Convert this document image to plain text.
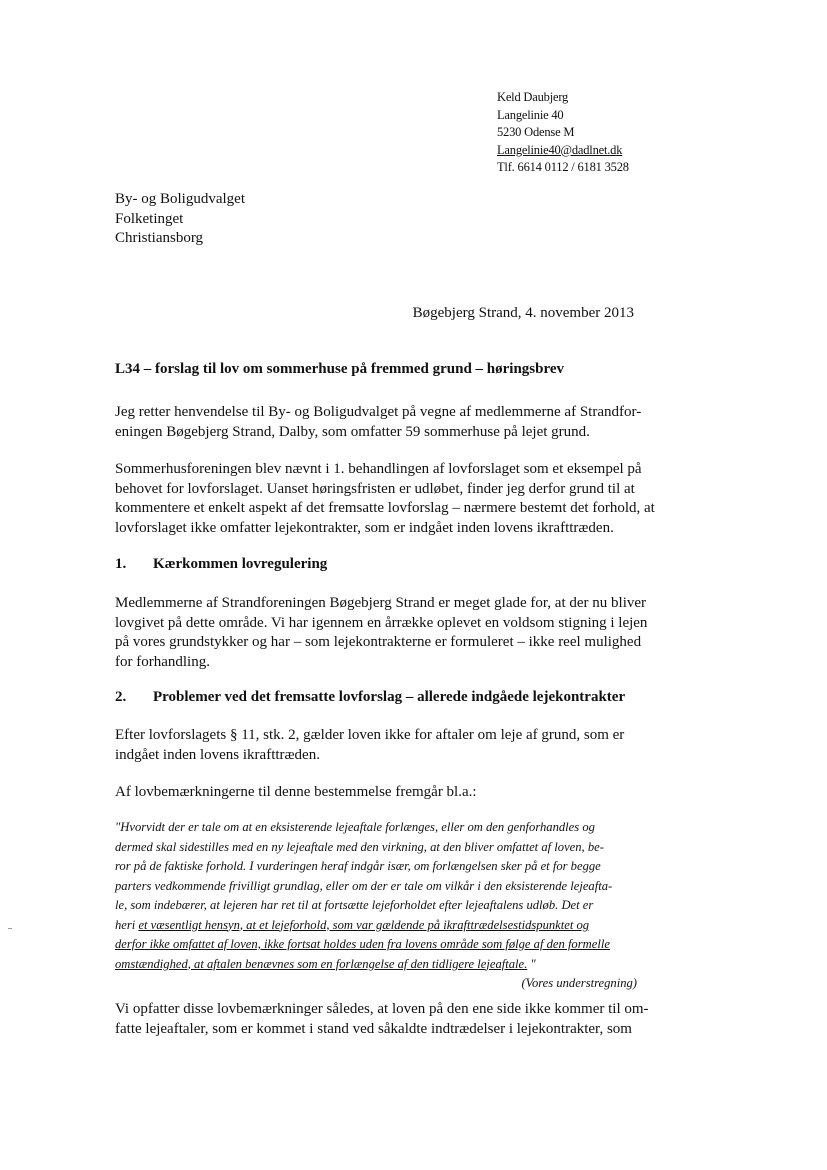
Keld Daubjerg
Langelinie 40
5230 Odense M
Langelinie40@dadlnet.dk
Tlf. 6614 0112 / 6181 3528
By- og Boligudvalget
Folketinget
Christiansborg
Bøgebjerg Strand, 4. november 2013
L34 – forslag til lov om sommerhuse på fremmed grund – høringsbrev
Jeg retter henvendelse til By- og Boligudvalget på vegne af medlemmerne af Strandfor-
eningen Bøgebjerg Strand, Dalby, som omfatter 59 sommerhuse på lejet grund.
Sommerhusforeningen blev nævnt i 1. behandlingen af lovforslaget som et eksempel på
behovet for lovforslaget. Uanset høringsfristen er udløbet, finder jeg derfor grund til at
kommentere et enkelt aspekt af det fremsatte lovforslag – nærmere bestemt det forhold, at
lovforslaget ikke omfatter lejekontrakter, som er indgået inden lovens ikrafttræden.
1. Kærkommen lovregulering
Medlemmerne af Strandforeningen Bøgebjerg Strand er meget glade for, at der nu bliver
lovgivet på dette område. Vi har igennem en årrække oplevet en voldsom stigning i lejen
på vores grundstykker og har – som lejekontrakterne er formuleret – ikke reel mulighed
for forhandling.
2. Problemer ved det fremsatte lovforslag – allerede indgåede lejekontrakter
Efter lovforslagets § 11, stk. 2, gælder loven ikke for aftaler om leje af grund, som er
indgået inden lovens ikrafttræden.
Af lovbemærkningerne til denne bestemmelse fremgår bl.a.:
"Hvorvidt der er tale om at en eksisterende lejeaftale forlænges, eller om den genforhandles og
dermed skal sidestilles med en ny lejeaftale med den virkning, at den bliver omfattet af loven, be-
ror på de faktiske forhold. I vurderingen heraf indgår især, om forlængelsen sker på et for begge
parters vedkommende frivilligt grundlag, eller om der er tale om vilkår i den eksisterende lejeafta-
le, som indebærer, at lejeren har ret til at fortsætte lejeforholdet efter lejeaftalens udløb. Det er
heri et væsentligt hensyn, at et lejeforhold, som var gældende på ikrafttrædelsestidspunktet og
derfor ikke omfattet af loven, ikke fortsat holdes uden fra lovens område som følge af den formelle
omstændighed, at aftalen benævnes som en forlængelse af den tidligere lejeaftale. "
(Vores understregning)
Vi opfatter disse lovbemærkninger således, at loven på den ene side ikke kommer til om-
fatte lejeaftaler, som er kommet i stand ved såkaldte indtrædelser i lejekontrakter, som
